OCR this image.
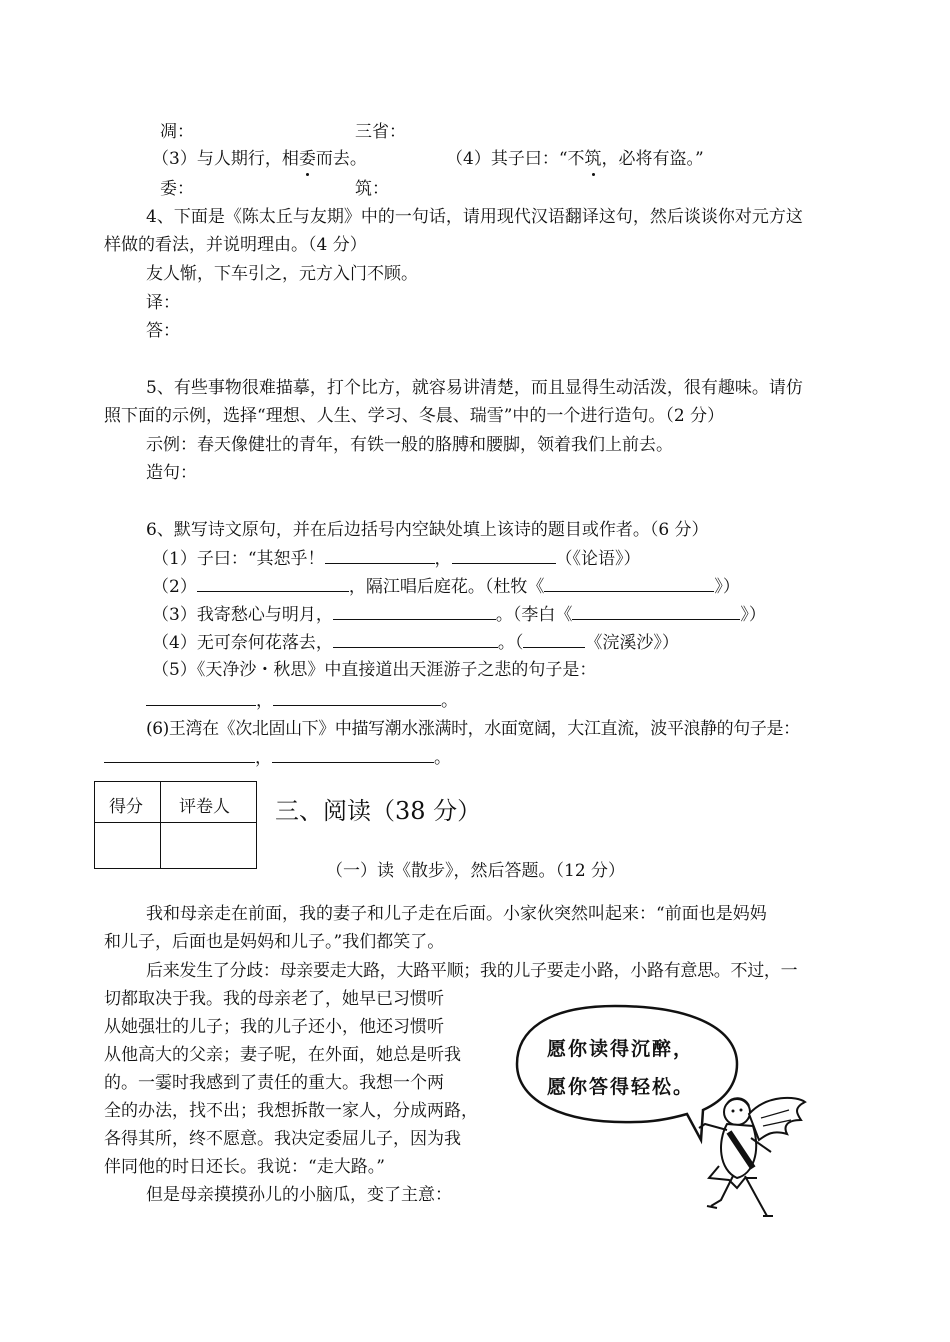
凋：	三省：
（3）与人期行，相委而去。	（4）其子曰：“不筑，必将有盗。”
委：	筑：
4、下面是《陈太丘与友期》中的一句话，请用现代汉语翻译这句，然后谈谈你对元方这
样做的看法，并说明理由。（4 分）
友人惭，下车引之，元方入门不顾。
译：
答：
5、有些事物很难描摹，打个比方，就容易讲清楚，而且显得生动活泼，很有趣味。请仿
照下面的示例，选择“理想、人生、学习、冬晨、瑞雪”中的一个进行造句。（2 分）
示例：春天像健壮的青年，有铁一般的胳膊和腰脚，领着我们上前去。
造句：
6、默写诗文原句，并在后边括号内空缺处填上该诗的题目或作者。（6 分）
（1）子曰：“其恕乎！	，	（《论语》）
（2）	，隔江唱后庭花。（杜牧《	》）
（3）我寄愁心与明月，	。（李白《	》）
（4）无可奈何花落去，	。（	《浣溪沙》）
（5）《天净沙・秋思》中直接道出天涯游子之悲的句子是：
，	。
(6)王湾在《次北固山下》中描写潮水涨满时，水面宽阔，大江直流，波平浪静的句子是：
，	。
得分 评卷人 三、阅读（38 分）
（一）读《散步》，然后答题。（12 分）
我和母亲走在前面，我的妻子和儿子走在后面。小家伙突然叫起来：“前面也是妈妈
和儿子，后面也是妈妈和儿子。”我们都笑了。
后来发生了分歧：母亲要走大路，大路平顺；我的儿子要走小路，小路有意思。不过，一
切都取决于我。我的母亲老了，她早已习惯听
从她强壮的儿子；我的儿子还小，他还习惯听
从他高大的父亲；妻子呢，在外面，她总是听我
的。一霎时我感到了责任的重大。我想一个两
全的办法，找不出；我想拆散一家人，分成两路，
各得其所，终不愿意。我决定委屈儿子，因为我
伴同他的时日还长。我说：“走大路。”
但是母亲摸摸孙儿的小脑瓜，变了主意：
愿你读得沉醉，
愿你答得轻松。
